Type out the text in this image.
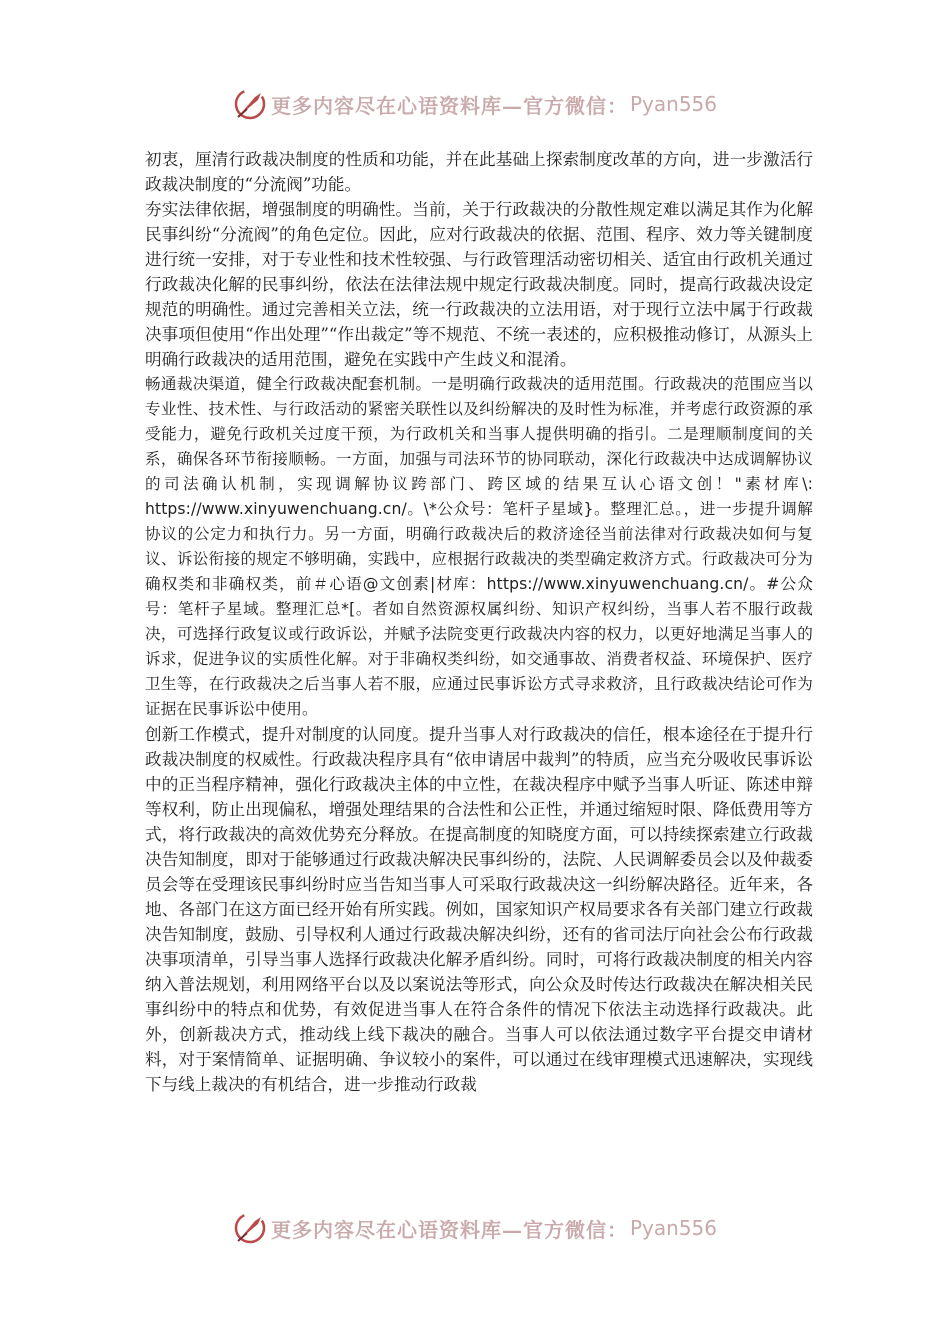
更多内容尽在心语资料库—官方微信： Pyan556

初衷，厘清行政裁决制度的性质和功能，并在此基础上探索制度改革的方向，进一步激活行政裁决制度的“分流阀”功能。

夯实法律依据，增强制度的明确性。当前，关于行政裁决的分散性规定难以满足其作为化解民事纠纷“分流阀”的角色定位。因此，应对行政裁决的依据、范围、程序、效力等关键制度进行统一安排，对于专业性和技术性较强、与行政管理活动密切相关、适宜由行政机关通过行政裁决化解的民事纠纷，依法在法律法规中规定行政裁决制度。同时，提高行政裁决设定规范的明确性。通过完善相关立法，统一行政裁决的立法用语，对于现行立法中属于行政裁决事项但使用“作出处理”“作出裁定”等不规范、不统一表述的，应积极推动修订，从源头上明确行政裁决的适用范围，避免在实践中产生歧义和混淆。

畅通裁决渠道，健全行政裁决配套机制。一是明确行政裁决的适用范围。行政裁决的范围应当以专业性、技术性、与行政活动的紧密关联性以及纠纷解决的及时性为标准，并考虑行政资源的承受能力，避免行政机关过度干预，为行政机关和当事人提供明确的指引。二是理顺制度间的关系，确保各环节衔接顺畅。一方面，加强与司法环节的协同联动，深化行政裁决中达成调解协议的司法确认机制，实现调解协议跨部门、跨区域的结果互认心语文创！"素材库\: https://www.xinyuwenchuang.cn/。\*公众号：笔杆子星域}。整理汇总。，进一步提升调解协议的公定力和执行力。另一方面，明确行政裁决后的救济途径当前法律对行政裁决如何与复议、诉讼衔接的规定不够明确，实践中，应根据行政裁决的类型确定救济方式。行政裁决可分为确权类和非确权类，前＃心语@文创素|材库：https://www.xinyuwenchuang.cn/。#公众号：笔杆子星域。整理汇总*[。者如自然资源权属纠纷、知识产权纠纷，当事人若不服行政裁决，可选择行政复议或行政诉讼，并赋予法院变更行政裁决内容的权力，以更好地满足当事人的诉求，促进争议的实质性化解。对于非确权类纠纷，如交通事故、消费者权益、环境保护、医疗卫生等，在行政裁决之后当事人若不服，应通过民事诉讼方式寻求救济，且行政裁决结论可作为证据在民事诉讼中使用。

创新工作模式，提升对制度的认同度。提升当事人对行政裁决的信任，根本途径在于提升行政裁决制度的权威性。行政裁决程序具有“依申请居中裁判”的特质，应当充分吸收民事诉讼中的正当程序精神，强化行政裁决主体的中立性，在裁决程序中赋予当事人听证、陈述申辩等权利，防止出现偏私，增强处理结果的合法性和公正性，并通过缩短时限、降低费用等方式，将行政裁决的高效优势充分释放。在提高制度的知晓度方面，可以持续探索建立行政裁决告知制度，即对于能够通过行政裁决解决民事纠纷的，法院、人民调解委员会以及仲裁委员会等在受理该民事纠纷时应当告知当事人可采取行政裁决这一纠纷解决路径。近年来，各地、各部门在这方面已经开始有所实践。例如，国家知识产权局要求各有关部门建立行政裁决告知制度，鼓励、引导权利人通过行政裁决解决纠纷，还有的省司法厅向社会公布行政裁决事项清单，引导当事人选择行政裁决化解矛盾纠纷。同时，可将行政裁决制度的相关内容纳入普法规划，利用网络平台以及以案说法等形式，向公众及时传达行政裁决在解决相关民事纠纷中的特点和优势，有效促进当事人在符合条件的情况下依法主动选择行政裁决。此外，创新裁决方式，推动线上线下裁决的融合。当事人可以依法通过数字平台提交申请材料，对于案情简单、证据明确、争议较小的案件，可以通过在线审理模式迅速解决，实现线下与线上裁决的有机结合，进一步推动行政裁

更多内容尽在心语资料库—官方微信： Pyan556
